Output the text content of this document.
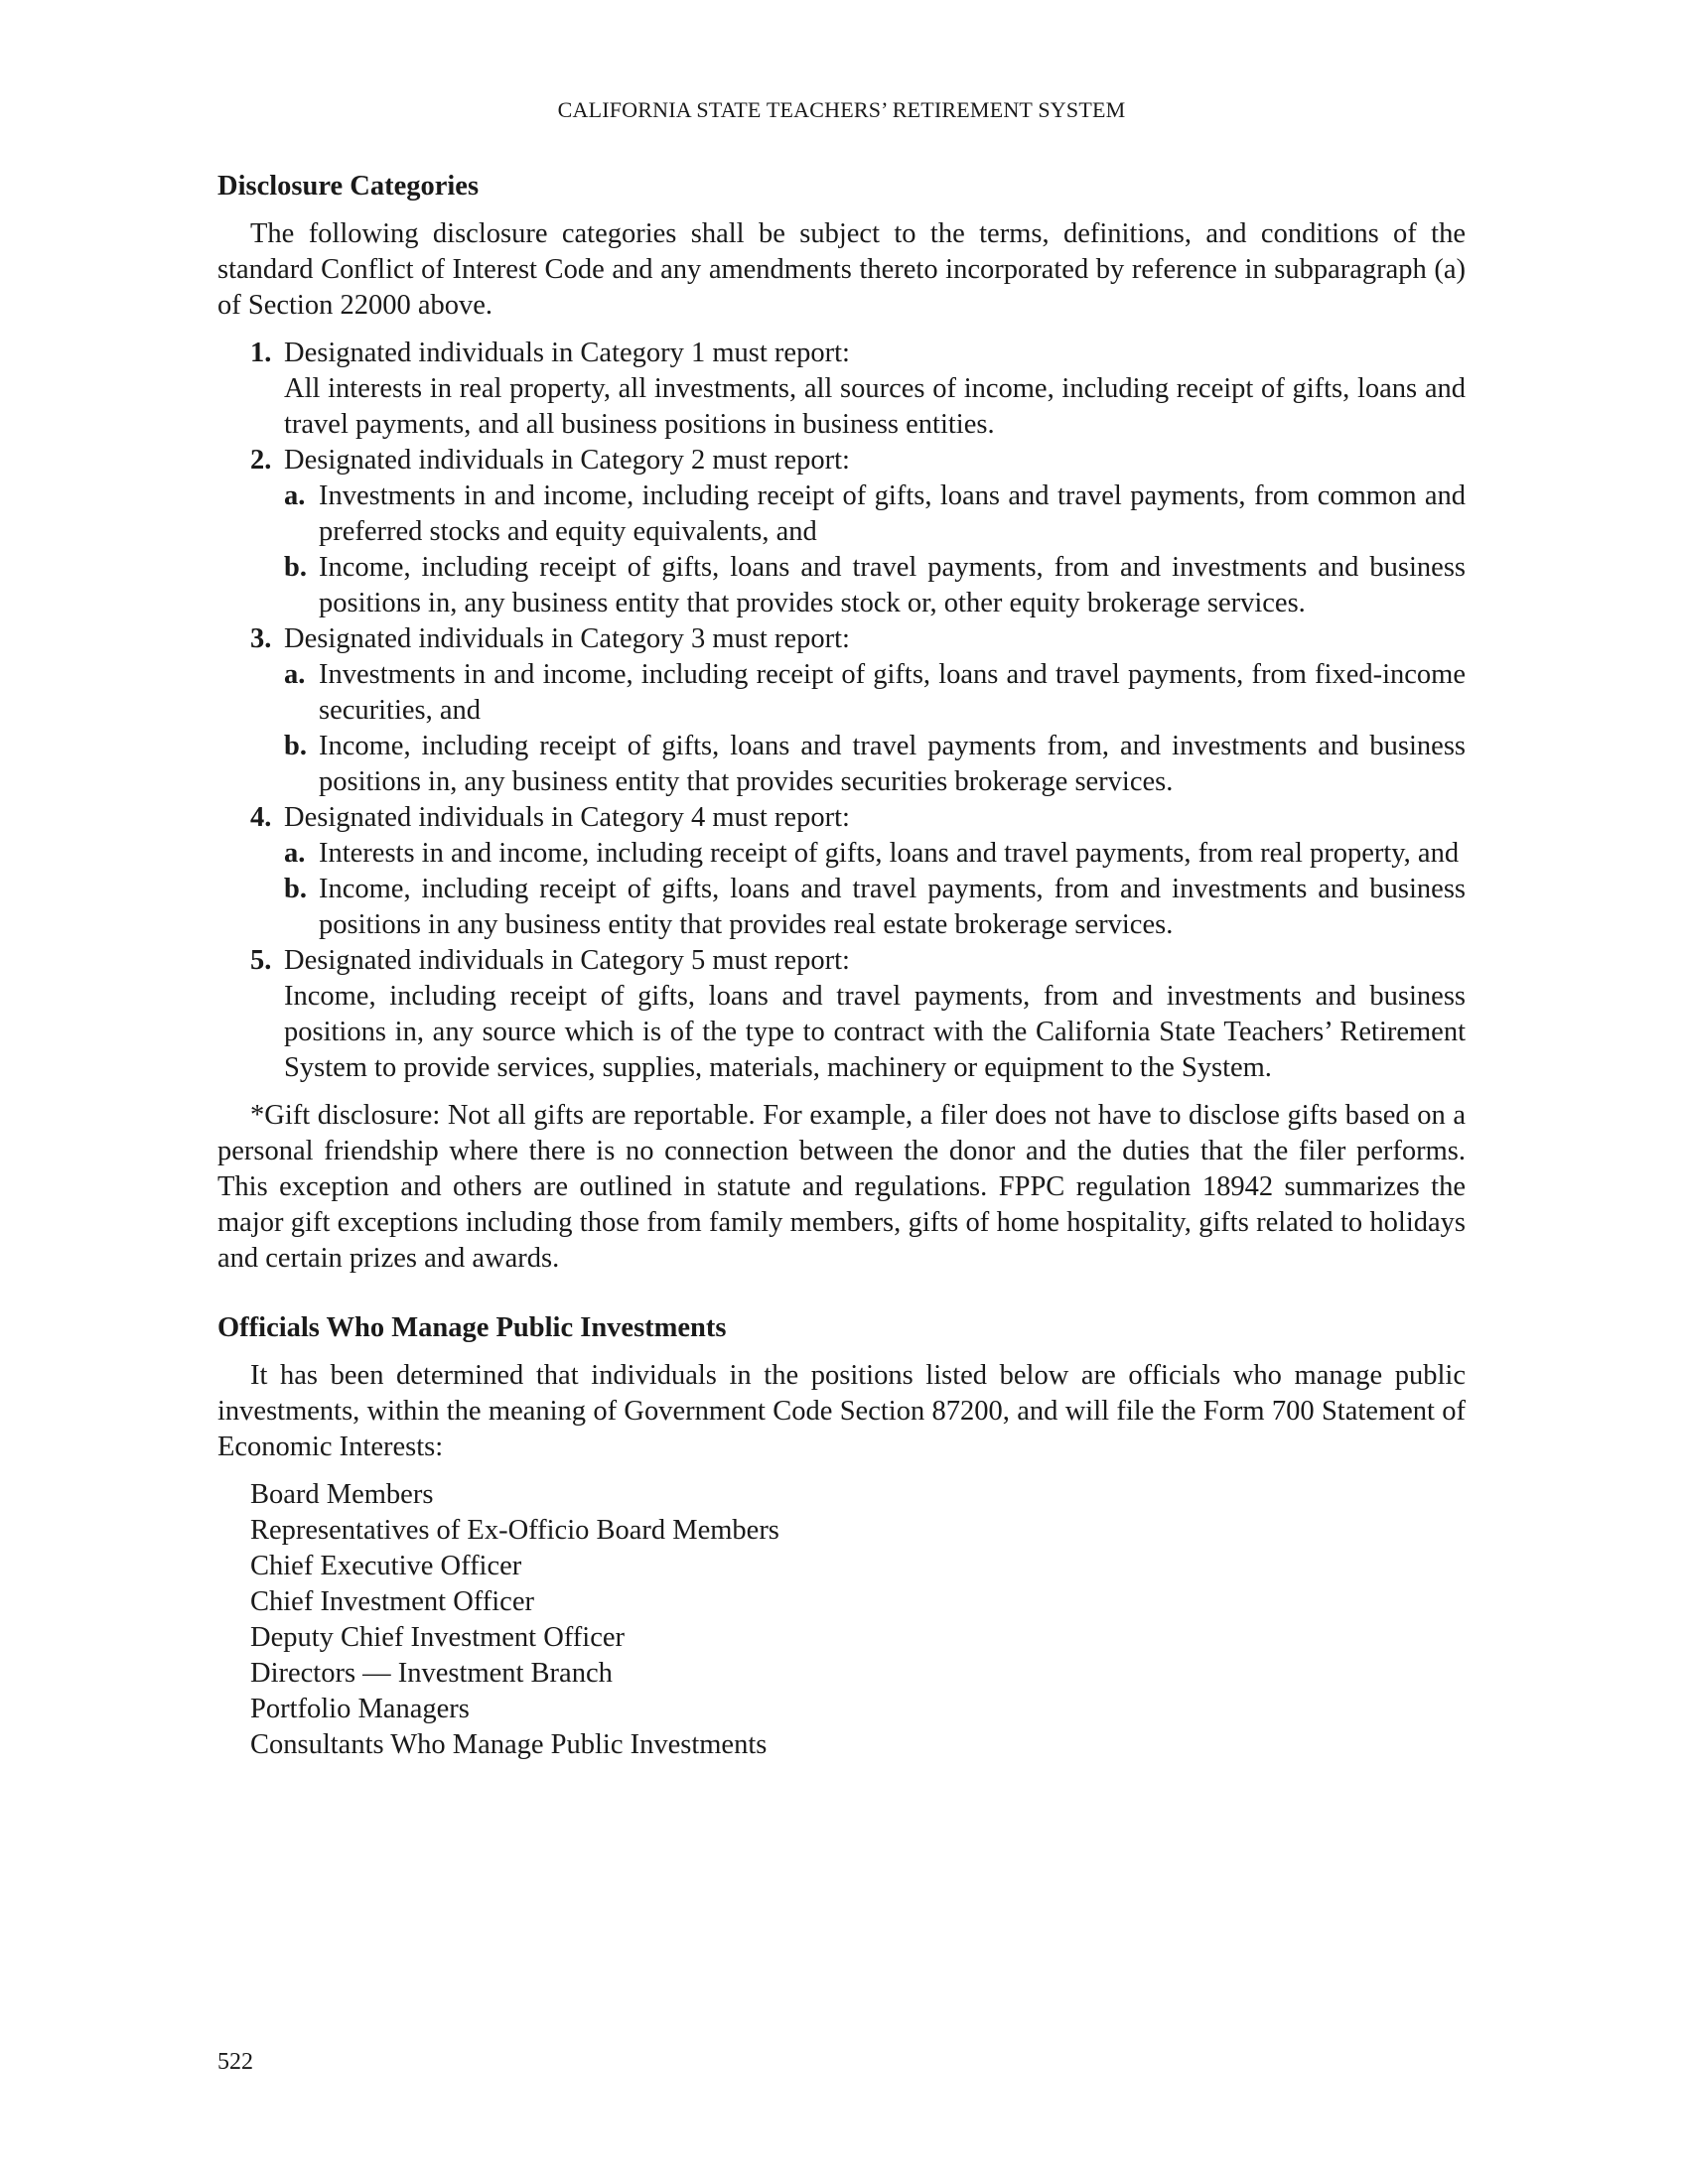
CALIFORNIA STATE TEACHERS’ RETIREMENT SYSTEM
Disclosure Categories

The following disclosure categories shall be subject to the terms, definitions, and conditions of the standard Conflict of Interest Code and any amendments thereto incorporated by reference in subparagraph (a) of Section 22000 above.

1. Designated individuals in Category 1 must report:
All interests in real property, all investments, all sources of income, including receipt of gifts, loans and travel payments, and all business positions in business entities.
2. Designated individuals in Category 2 must report:
a. Investments in and income, including receipt of gifts, loans and travel payments, from common and preferred stocks and equity equivalents, and
b. Income, including receipt of gifts, loans and travel payments, from and investments and business positions in, any business entity that provides stock or, other equity brokerage services.
3. Designated individuals in Category 3 must report:
a. Investments in and income, including receipt of gifts, loans and travel payments, from fixed-income securities, and
b. Income, including receipt of gifts, loans and travel payments from, and investments and business positions in, any business entity that provides securities brokerage services.
4. Designated individuals in Category 4 must report:
a. Interests in and income, including receipt of gifts, loans and travel payments, from real property, and
b. Income, including receipt of gifts, loans and travel payments, from and investments and business positions in any business entity that provides real estate brokerage services.
5. Designated individuals in Category 5 must report:
Income, including receipt of gifts, loans and travel payments, from and investments and business positions in, any source which is of the type to contract with the California State Teachers’ Retirement System to provide services, supplies, materials, machinery or equipment to the System.

*Gift disclosure: Not all gifts are reportable. For example, a filer does not have to disclose gifts based on a personal friendship where there is no connection between the donor and the duties that the filer performs. This exception and others are outlined in statute and regulations. FPPC regulation 18942 summarizes the major gift exceptions including those from family members, gifts of home hospitality, gifts related to holidays and certain prizes and awards.

Officials Who Manage Public Investments

It has been determined that individuals in the positions listed below are officials who manage public investments, within the meaning of Government Code Section 87200, and will file the Form 700 Statement of Economic Interests:

Board Members
Representatives of Ex-Officio Board Members
Chief Executive Officer
Chief Investment Officer
Deputy Chief Investment Officer
Directors — Investment Branch
Portfolio Managers
Consultants Who Manage Public Investments
522
